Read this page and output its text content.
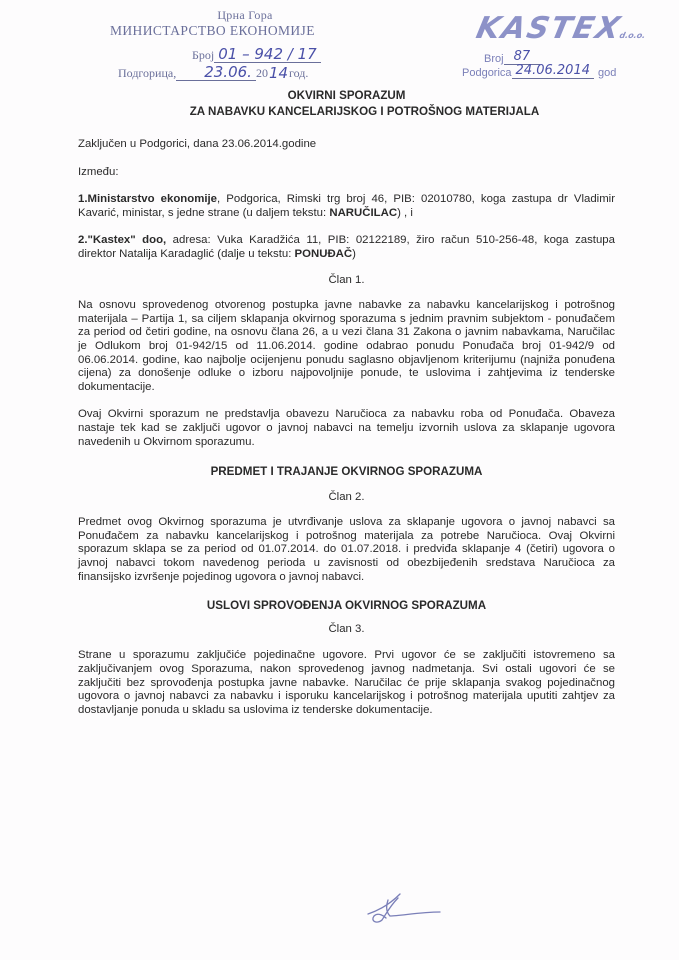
Црна Гора
МИНИСТАРСТВО ЕКОНОМИЈЕ
Број 01 – 942 / 17
Подгорица,	23.06. 20 14 год.
KASTEXd.o.o.
Broj 87
Podgorica 24.06.2014 god
OKVIRNI SPORAZUM
ZA NABAVKU KANCELARIJSKOG I POTROŠNOG MATERIJALA

Zaključen u Podgorici, dana 23.06.2014.godine

Između:

1.Ministarstvo ekonomije, Podgorica, Rimski trg broj 46, PIB: 02010780, koga zastupa dr Vladimir Kavarić, ministar, s jedne strane (u daljem tekstu: NARUČILAC) , i

2."Kastex" doo, adresa: Vuka Karadžića 11, PIB: 02122189, žiro račun 510-256-48, koga zastupa direktor Natalija Karadaglić (dalje u tekstu: PONUĐAČ)

Član 1.

Na osnovu sprovedenog otvorenog postupka javne nabavke za nabavku kancelarijskog i potrošnog materijala – Partija 1, sa ciljem sklapanja okvirnog sporazuma s jednim pravnim subjektom - ponuđačem za period od četiri godine, na osnovu člana 26, a u vezi člana 31 Zakona o javnim nabavkama, Naručilac je Odlukom broj 01-942/15 od 11.06.2014. godine odabrao ponudu Ponuđača broj 01-942/9 od 06.06.2014. godine, kao najbolje ocijenjenu ponudu saglasno objavljenom kriterijumu (najniža ponuđena cijena) za donošenje odluke o izboru najpovoljnije ponude, te uslovima i zahtjevima iz tenderske dokumentacije.

Ovaj Okvirni sporazum ne predstavlja obavezu Naručioca za nabavku roba od Ponuđača. Obaveza nastaje tek kad se zaključi ugovor o javnoj nabavci na temelju izvornih uslova za sklapanje ugovora navedenih u Okvirnom sporazumu.

PREDMET I TRAJANJE OKVIRNOG SPORAZUMA

Član 2.

Predmet ovog Okvirnog sporazuma je utvrđivanje uslova za sklapanje ugovora o javnoj nabavci sa Ponuđačem za nabavku kancelarijskog i potrošnog materijala za potrebe Naručioca. Ovaj Okvirni sporazum sklapa se za period od 01.07.2014. do 01.07.2018. i predviđa sklapanje 4 (četiri) ugovora o javnoj nabavci tokom navedenog perioda u zavisnosti od obezbijeđenih sredstava Naručioca za finansijsko izvršenje pojedinog ugovora o javnoj nabavci.

USLOVI SPROVOĐENJA OKVIRNOG SPORAZUMA

Član 3.

Strane u sporazumu zaključiće pojedinačne ugovore. Prvi ugovor će se zaključiti istovremeno sa zaključivanjem ovog Sporazuma, nakon sprovedenog javnog nadmetanja. Svi ostali ugovori će se zaključiti bez sprovođenja postupka javne nabavke. Naručilac će prije sklapanja svakog pojedinačnog ugovora o javnoj nabavci za nabavku i isporuku kancelarijskog i potrošnog materijala uputiti zahtjev za dostavljanje ponuda u skladu sa uslovima iz tenderske dokumentacije.
